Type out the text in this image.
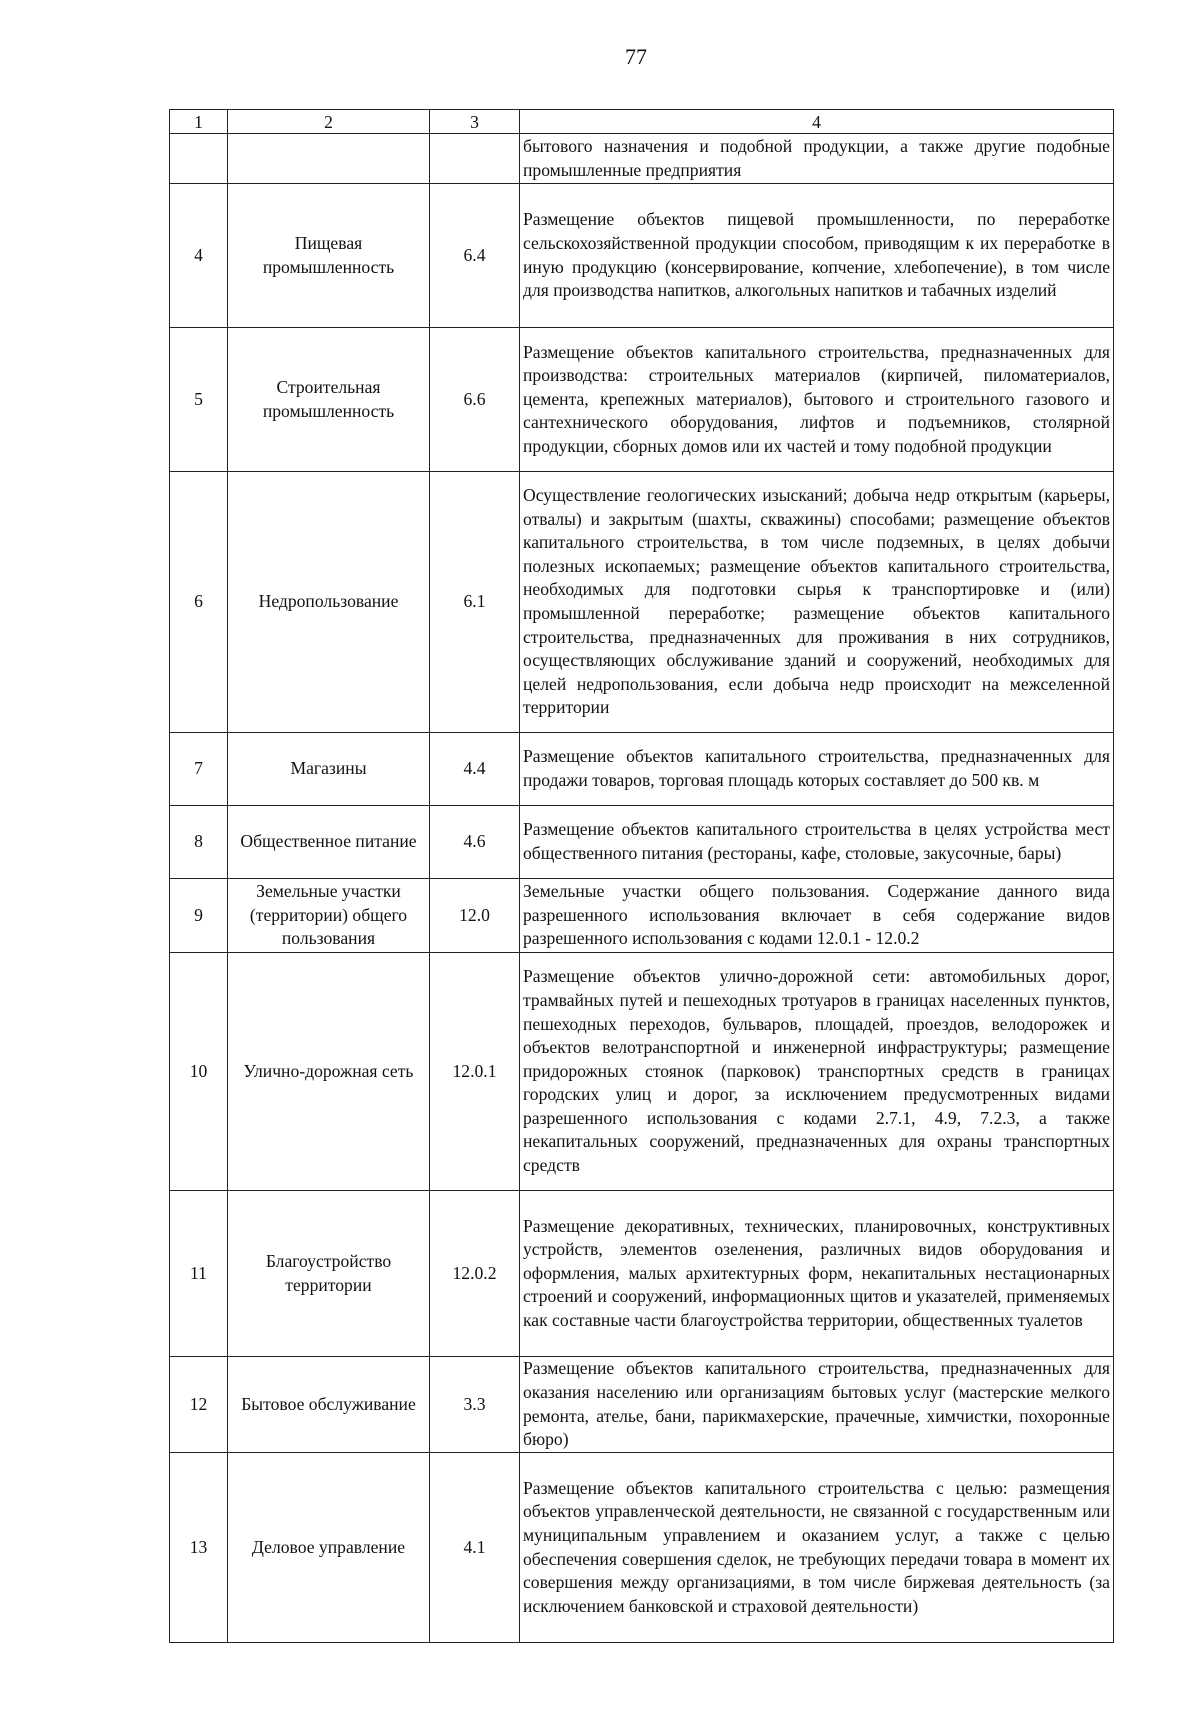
77
1	2	3	4
			бытового назначения и подобной продукции, а также другие подобные промышленные предприятия
4	Пищевая промышленность	6.4	Размещение объектов пищевой промышленности, по переработке сельскохозяйственной продукции способом, приводящим к их переработке в иную продукцию (консервирование, копчение, хлебопечение), в том числе для производства напитков, алкогольных напитков и табачных изделий
5	Строительная промышленность	6.6	Размещение объектов капитального строительства, предназначенных для производства: строительных материалов (кирпичей, пиломатериалов, цемента, крепежных материалов), бытового и строительного газового и сантехнического оборудования, лифтов и подъемников, столярной продукции, сборных домов или их частей и тому подобной продукции
6	Недропользование	6.1	Осуществление геологических изысканий; добыча недр открытым (карьеры, отвалы) и закрытым (шахты, скважины) способами; размещение объектов капитального строительства, в том числе подземных, в целях добычи полезных ископаемых; размещение объектов капитального строительства, необходимых для подготовки сырья к транспортировке и (или) промышленной переработке; размещение объектов капитального строительства, предназначенных для проживания в них сотрудников, осуществляющих обслуживание зданий и сооружений, необходимых для целей недропользования, если добыча недр происходит на межселенной территории
7	Магазины	4.4	Размещение объектов капитального строительства, предназначенных для продажи товаров, торговая площадь которых составляет до 500 кв. м
8	Общественное питание	4.6	Размещение объектов капитального строительства в целях устройства мест общественного питания (рестораны, кафе, столовые, закусочные, бары)
9	Земельные участки (территории) общего пользования	12.0	Земельные участки общего пользования. Содержание данного вида разрешенного использования включает в себя содержание видов разрешенного использования с кодами 12.0.1 - 12.0.2
10	Улично-дорожная сеть	12.0.1	Размещение объектов улично-дорожной сети: автомобильных дорог, трамвайных путей и пешеходных тротуаров в границах населенных пунктов, пешеходных переходов, бульваров, площадей, проездов, велодорожек и объектов велотранспортной и инженерной инфраструктуры; размещение придорожных стоянок (парковок) транспортных средств в границах городских улиц и дорог, за исключением предусмотренных видами разрешенного использования с кодами 2.7.1, 4.9, 7.2.3, а также некапитальных сооружений, предназначенных для охраны транспортных средств
11	Благоустройство территории	12.0.2	Размещение декоративных, технических, планировочных, конструктивных устройств, элементов озеленения, различных видов оборудования и оформления, малых архитектурных форм, некапитальных нестационарных строений и сооружений, информационных щитов и указателей, применяемых как составные части благоустройства территории, общественных туалетов
12	Бытовое обслуживание	3.3	Размещение объектов капитального строительства, предназначенных для оказания населению или организациям бытовых услуг (мастерские мелкого ремонта, ателье, бани, парикмахерские, прачечные, химчистки, похоронные бюро)
13	Деловое управление	4.1	Размещение объектов капитального строительства с целью: размещения объектов управленческой деятельности, не связанной с государственным или муниципальным управлением и оказанием услуг, а также с целью обеспечения совершения сделок, не требующих передачи товара в момент их совершения между организациями, в том числе биржевая деятельность (за исключением банковской и страховой деятельности)
